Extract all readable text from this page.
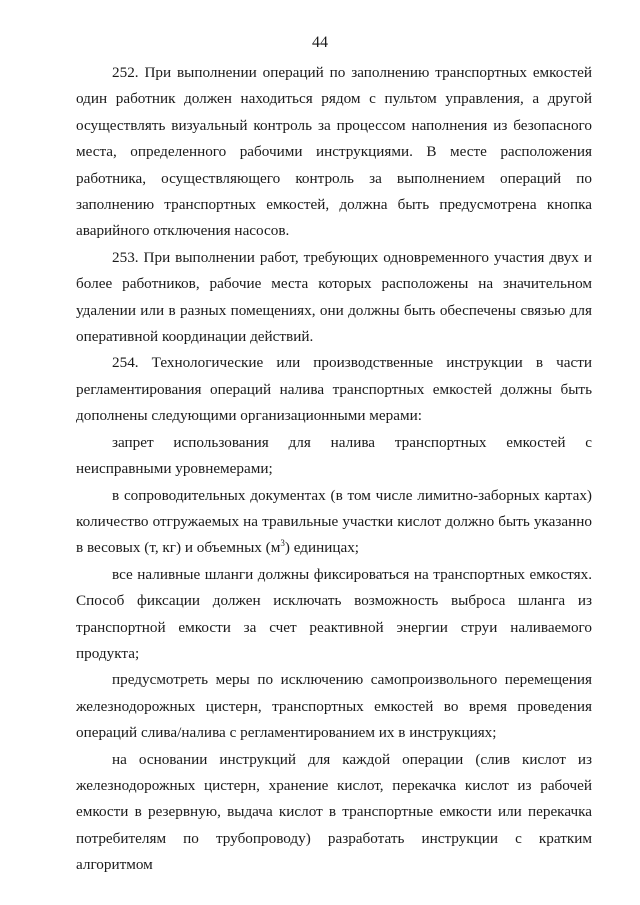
44

252. При выполнении операций по заполнению транспортных емкостей один работник должен находиться рядом с пультом управления, а другой осуществлять визуальный контроль за процессом наполнения из безопасного места, определенного рабочими инструкциями. В месте расположения работника, осуществляющего контроль за выполнением операций по заполнению транспортных емкостей, должна быть предусмотрена кнопка аварийного отключения насосов.

253. При выполнении работ, требующих одновременного участия двух и более работников, рабочие места которых расположены на значительном удалении или в разных помещениях, они должны быть обеспечены связью для оперативной координации действий.

254. Технологические или производственные инструкции в части регламентирования операций налива транспортных емкостей должны быть дополнены следующими организационными мерами:

запрет использования для налива транспортных емкостей с неисправными уровнемерами;

в сопроводительных документах (в том числе лимитно-заборных картах) количество отгружаемых на травильные участки кислот должно быть указанно в весовых (т, кг) и объемных $(м^3)$ единицах;

все наливные шланги должны фиксироваться на транспортных емкостях. Способ фиксации должен исключать возможность выброса шланга из транспортной емкости за счет реактивной энергии струи наливаемого продукта;

предусмотреть меры по исключению самопроизвольного перемещения железнодорожных цистерн, транспортных емкостей во время проведения операций слива/налива с регламентированием их в инструкциях;

на основании инструкций для каждой операции (слив кислот из железнодорожных цистерн, хранение кислот, перекачка кислот из рабочей емкости в резервную, выдача кислот в транспортные емкости или перекачка потребителям по трубопроводу) разработать инструкции с кратким алгоритмом
